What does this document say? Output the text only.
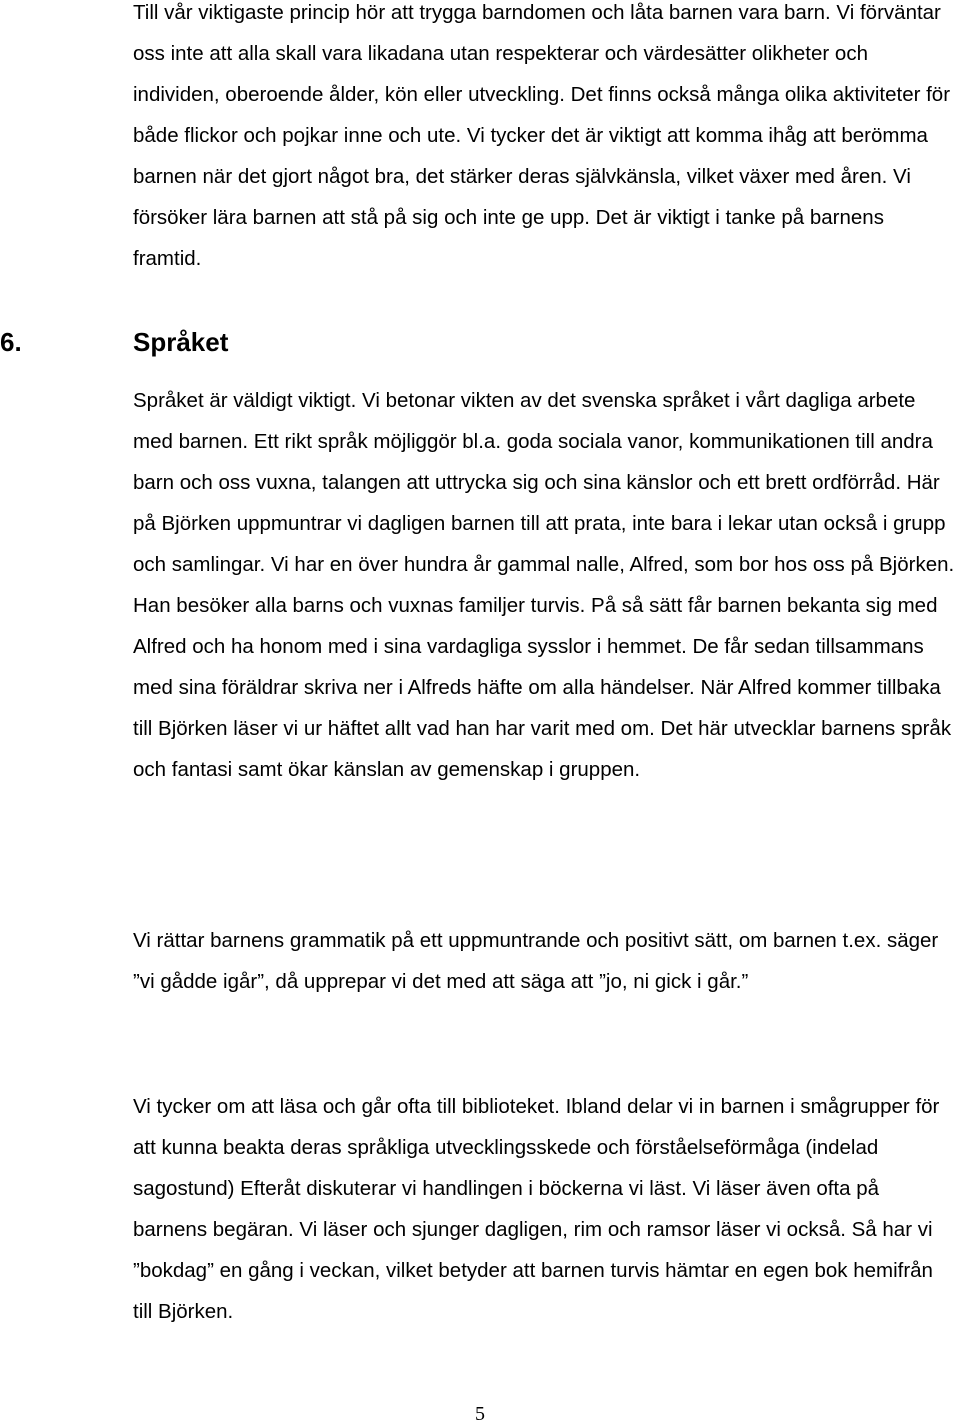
Till vår viktigaste princip hör att trygga barndomen och låta barnen vara barn. Vi förväntar oss inte att alla skall vara likadana utan respekterar och värdesätter olikheter och individen, oberoende ålder, kön eller utveckling. Det finns också många olika aktiviteter för både flickor och pojkar inne och ute. Vi tycker det är viktigt att komma ihåg att berömma barnen när det gjort något bra, det stärker deras självkänsla, vilket växer med åren. Vi försöker lära barnen att stå på sig och inte ge upp. Det är viktigt i tanke på barnens framtid.

6.	Språket

Språket är väldigt viktigt. Vi betonar vikten av det svenska språket i vårt dagliga arbete med barnen. Ett rikt språk möjliggör bl.a. goda sociala vanor, kommunikationen till andra barn och oss vuxna, talangen att uttrycka sig och sina känslor och ett brett ordförråd. Här på Björken uppmuntrar vi dagligen barnen till att prata, inte bara i lekar utan också i grupp och samlingar. Vi har en över hundra år gammal nalle, Alfred, som bor hos oss på Björken. Han besöker alla barns och vuxnas familjer turvis. På så sätt får barnen bekanta sig med Alfred och ha honom med i sina vardagliga sysslor i hemmet. De får sedan tillsammans med sina föräldrar skriva ner i Alfreds häfte om alla händelser. När Alfred kommer tillbaka till Björken läser vi ur häftet allt vad han har varit med om. Det här utvecklar barnens språk och fantasi samt ökar känslan av gemenskap i gruppen.

Vi rättar barnens grammatik på ett uppmuntrande och positivt sätt, om barnen t.ex. säger ”vi gådde igår”, då upprepar vi det med att säga att ”jo, ni gick i går.”

Vi tycker om att läsa och går ofta till biblioteket. Ibland delar vi in barnen i smågrupper för att kunna beakta deras språkliga utvecklingsskede och förståelseförmåga (indelad sagostund) Efteråt diskuterar vi handlingen i böckerna vi läst. Vi läser även ofta på barnens begäran. Vi läser och sjunger dagligen, rim och ramsor läser vi också. Så har vi ”bokdag” en gång i veckan, vilket betyder att barnen turvis hämtar en egen bok hemifrån till Björken.

5
